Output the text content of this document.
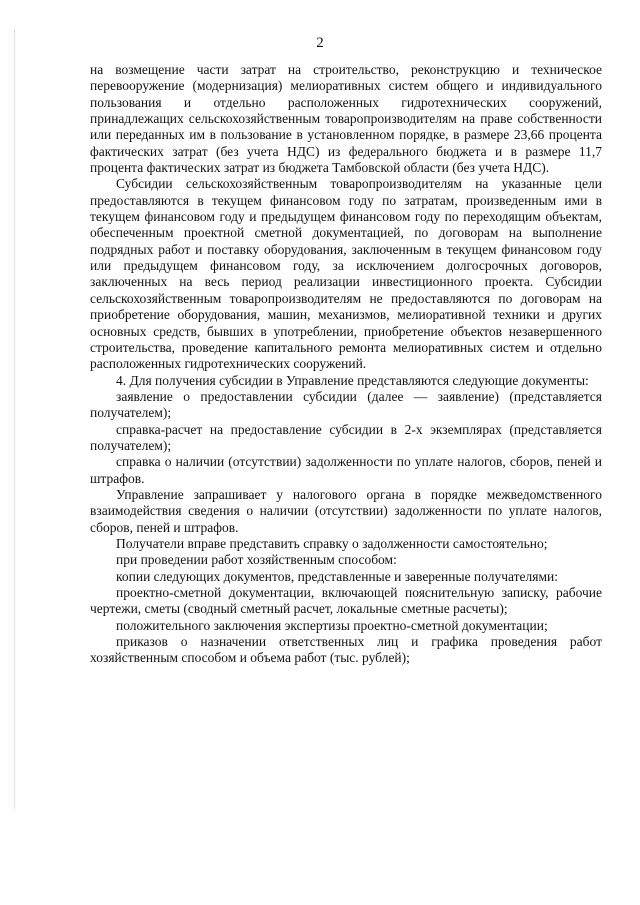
2

на возмещение части затрат на строительство, реконструкцию и техническое перевооружение (модернизация) мелиоративных систем общего и индивидуального пользования и отдельно расположенных гидротехнических сооружений, принадлежащих сельскохозяйственным товаропроизводителям на праве собственности или переданных им в пользование в установленном порядке, в размере 23,66 процента фактических затрат (без учета НДС) из федерального бюджета и в размере 11,7 процента фактических затрат из бюджета Тамбовской области (без учета НДС).

Субсидии сельскохозяйственным товаропроизводителям на указанные цели предоставляются в текущем финансовом году по затратам, произведенным ими в текущем финансовом году и предыдущем финансовом году по переходящим объектам, обеспеченным проектной сметной документацией, по договорам на выполнение подрядных работ и поставку оборудования, заключенным в текущем финансовом году или предыдущем финансовом году, за исключением долгосрочных договоров, заключенных на весь период реализации инвестиционного проекта. Субсидии сельскохозяйственным товаропроизводителям не предоставляются по договорам на приобретение оборудования, машин, механизмов, мелиоративной техники и других основных средств, бывших в употреблении, приобретение объектов незавершенного строительства, проведение капитального ремонта мелиоративных систем и отдельно расположенных гидротехнических сооружений.

4. Для получения субсидии в Управление представляются следующие документы:

заявление о предоставлении субсидии (далее — заявление) (представляется получателем);

справка-расчет на предоставление субсидии в 2-х экземплярах (представляется получателем);

справка о наличии (отсутствии) задолженности по уплате налогов, сборов, пеней и штрафов.

Управление запрашивает у налогового органа в порядке межведомственного взаимодействия сведения о наличии (отсутствии) задолженности по уплате налогов, сборов, пеней и штрафов.

Получатели вправе представить справку о задолженности самостоятельно;

при проведении работ хозяйственным способом:

копии следующих документов, представленные и заверенные получателями:

проектно-сметной документации, включающей пояснительную записку, рабочие чертежи, сметы (сводный сметный расчет, локальные сметные расчеты);

положительного заключения экспертизы проектно-сметной документации;

приказов о назначении ответственных лиц и графика проведения работ хозяйственным способом и объема работ (тыс. рублей);
